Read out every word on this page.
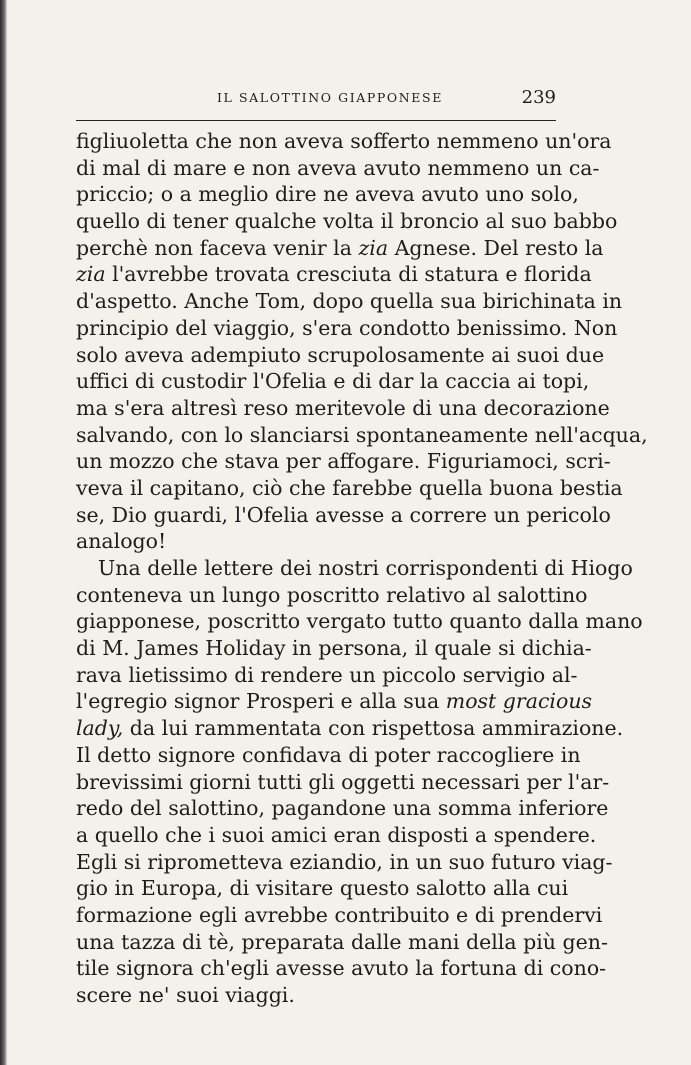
IL SALOTTINO GIAPPONESE	239
figliuoletta che non aveva sofferto nemmeno un'ora
di mal di mare e non aveva avuto nemmeno un ca-
priccio; o a meglio dire ne aveva avuto uno solo,
quello di tener qualche volta il broncio al suo babbo
perchè non faceva venir la zia Agnese. Del resto la
zia l'avrebbe trovata cresciuta di statura e florida
d'aspetto. Anche Tom, dopo quella sua birichinata in
principio del viaggio, s'era condotto benissimo. Non
solo aveva adempiuto scrupolosamente ai suoi due
uffici di custodir l'Ofelia e di dar la caccia ai topi,
ma s'era altresì reso meritevole di una decorazione
salvando, con lo slanciarsi spontaneamente nell'acqua,
un mozzo che stava per affogare. Figuriamoci, scri-
veva il capitano, ciò che farebbe quella buona bestia
se, Dio guardi, l'Ofelia avesse a correre un pericolo
analogo!
Una delle lettere dei nostri corrispondenti di Hiogo
conteneva un lungo poscritto relativo al salottino
giapponese, poscritto vergato tutto quanto dalla mano
di M. James Holiday in persona, il quale si dichia-
rava lietissimo di rendere un piccolo servigio al-
l'egregio signor Prosperi e alla sua most gracious
lady, da lui rammentata con rispettosa ammirazione.
Il detto signore confidava di poter raccogliere in
brevissimi giorni tutti gli oggetti necessari per l'ar-
redo del salottino, pagandone una somma inferiore
a quello che i suoi amici eran disposti a spendere.
Egli si riprometteva eziandio, in un suo futuro viag-
gio in Europa, di visitare questo salotto alla cui
formazione egli avrebbe contribuito e di prendervi
una tazza di tè, preparata dalle mani della più gen-
tile signora ch'egli avesse avuto la fortuna di cono-
scere ne' suoi viaggi.
